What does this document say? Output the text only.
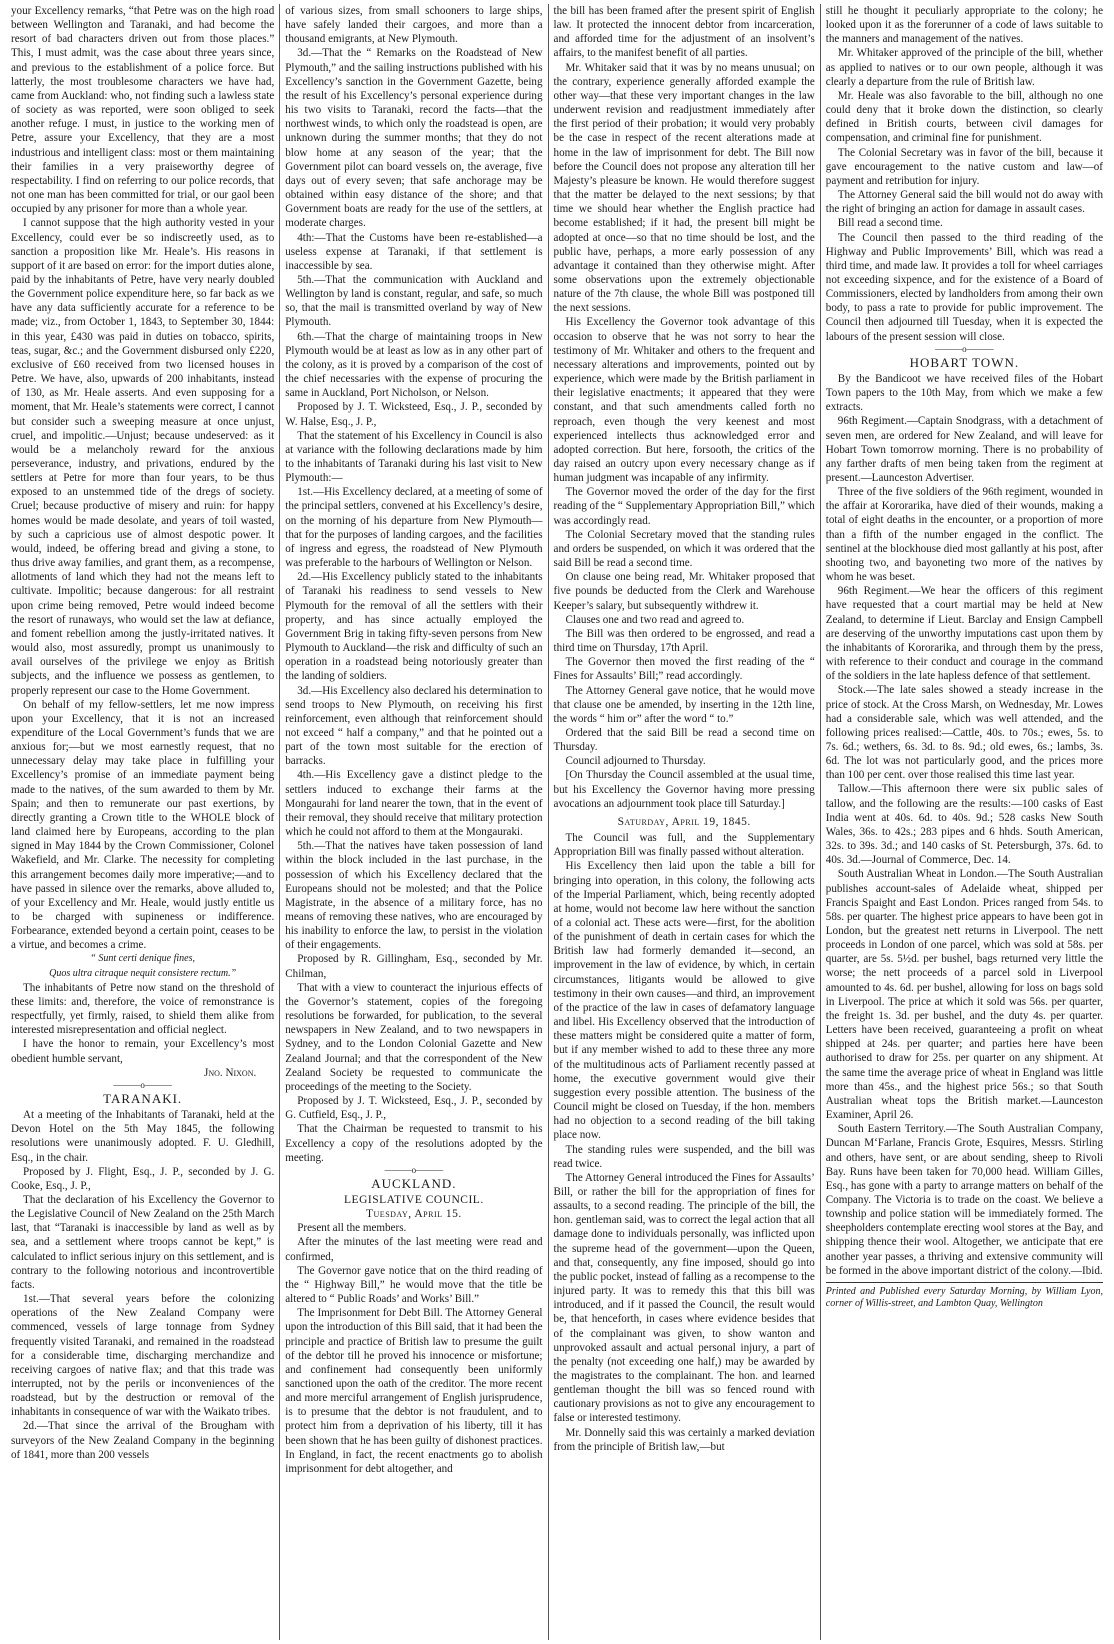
your Excellency remarks, “that Petre was on the high road between Wellington and Taranaki, and had become the resort of bad characters driven out from those places.” This, I must admit, was the case about three years since, and previous to the establishment of a police force. But latterly, the most troublesome characters we have had, came from Auckland: who, not finding such a lawless state of society as was reported, were soon obliged to seek another refuge. I must, in justice to the working men of Petre, assure your Excellency, that they are a most industrious and intelligent class: most or them maintaining their families in a very praiseworthy degree of respectability. I find on referring to our police records, that not one man has been committed for trial, or our gaol been occupied by any prisoner for more than a whole year.

I cannot suppose that the high authority vested in your Excellency, could ever be so indiscreetly used, as to sanction a proposition like Mr. Heale’s. His reasons in support of it are based on error: for the import duties alone, paid by the inhabitants of Petre, have very nearly doubled the Government police expenditure here, so far back as we have any data sufficiently accurate for a reference to be made; viz., from October 1, 1843, to September 30, 1844: in this year, £430 was paid in duties on tobacco, spirits, teas, sugar, &c.; and the Government disbursed only £220, exclusive of £60 received from two licensed houses in Petre. We have, also, upwards of 200 inhabitants, instead of 130, as Mr. Heale asserts. And even supposing for a moment, that Mr. Heale’s statements were correct, I cannot but consider such a sweeping measure at once unjust, cruel, and impolitic.—Unjust; because undeserved: as it would be a melancholy reward for the anxious perseverance, industry, and privations, endured by the settlers at Petre for more than four years, to be thus exposed to an unstemmed tide of the dregs of society. Cruel; because productive of misery and ruin: for happy homes would be made desolate, and years of toil wasted, by such a capricious use of almost despotic power. It would, indeed, be offering bread and giving a stone, to thus drive away families, and grant them, as a recompense, allotments of land which they had not the means left to cultivate. Impolitic; because dangerous: for all restraint upon crime being removed, Petre would indeed become the resort of runaways, who would set the law at defiance, and foment rebellion among the justly-irritated natives. It would also, most assuredly, prompt us unanimously to avail ourselves of the privilege we enjoy as British subjects, and the influence we possess as gentlemen, to properly represent our case to the Home Government.

On behalf of my fellow-settlers, let me now impress upon your Excellency, that it is not an increased expenditure of the Local Government’s funds that we are anxious for;—but we most earnestly request, that no unnecessary delay may take place in fulfilling your Excellency’s promise of an immediate payment being made to the natives, of the sum awarded to them by Mr. Spain; and then to remunerate our past exertions, by directly granting a Crown title to the WHOLE block of land claimed here by Europeans, according to the plan signed in May 1844 by the Crown Commissioner, Colonel Wakefield, and Mr. Clarke. The necessity for completing this arrangement becomes daily more imperative;—and to have passed in silence over the remarks, above alluded to, of your Excellency and Mr. Heale, would justly entitle us to be charged with supineness or indifference. Forbearance, extended beyond a certain point, ceases to be a virtue, and becomes a crime.

“ Sunt certi denique fines,
Quos ultra citraque nequit consistere rectum.”

The inhabitants of Petre now stand on the threshold of these limits: and, therefore, the voice of remonstrance is respectfully, yet firmly, raised, to shield them alike from interested misrepresentation and official neglect.

I have the honor to remain, your Excellency’s most obedient humble servant,

Jno. Nixon.
———o———
TARANAKI.

At a meeting of the Inhabitants of Taranaki, held at the Devon Hotel on the 5th May 1845, the following resolutions were unanimously adopted. F. U. Gledhill, Esq., in the chair.

Proposed by J. Flight, Esq., J. P., seconded by J. G. Cooke, Esq., J. P.,

That the declaration of his Excellency the Governor to the Legislative Council of New Zealand on the 25th March last, that “Taranaki is inaccessible by land as well as by sea, and a settlement where troops cannot be kept,” is calculated to inflict serious injury on this settlement, and is contrary to the following notorious and incontrovertible facts.

1st.—That several years before the colonizing operations of the New Zealand Company were commenced, vessels of large tonnage from Sydney frequently visited Taranaki, and remained in the roadstead for a considerable time, discharging merchandize and receiving cargoes of native flax; and that this trade was interrupted, not by the perils or inconveniences of the roadstead, but by the destruction or removal of the inhabitants in consequence of war with the Waikato tribes.

2d.—That since the arrival of the Brougham with surveyors of the New Zealand Company in the beginning of 1841, more than 200 vessels

of various sizes, from small schooners to large ships, have safely landed their cargoes, and more than a thousand emigrants, at New Plymouth.

3d.—That the “ Remarks on the Roadstead of New Plymouth,” and the sailing instructions published with his Excellency’s sanction in the Government Gazette, being the result of his Excellency’s personal experience during his two visits to Taranaki, record the facts—that the northwest winds, to which only the roadstead is open, are unknown during the summer months; that they do not blow home at any season of the year; that the Government pilot can board vessels on, the average, five days out of every seven; that safe anchorage may be obtained within easy distance of the shore; and that Government boats are ready for the use of the settlers, at moderate charges.

4th:—That the Customs have been re-established—a useless expense at Taranaki, if that settlement is inaccessible by sea.

5th.—That the communication with Auckland and Wellington by land is constant, regular, and safe, so much so, that the mail is transmitted overland by way of New Plymouth.

6th.—That the charge of maintaining troops in New Plymouth would be at least as low as in any other part of the colony, as it is proved by a comparison of the cost of the chief necessaries with the expense of procuring the same in Auckland, Port Nicholson, or Nelson.

Proposed by J. T. Wicksteed, Esq., J. P., seconded by W. Halse, Esq., J. P.,

That the statement of his Excellency in Council is also at variance with the following declarations made by him to the inhabitants of Taranaki during his last visit to New Plymouth:—

1st.—His Excellency declared, at a meeting of some of the principal settlers, convened at his Excellency’s desire, on the morning of his departure from New Plymouth—that for the purposes of landing cargoes, and the facilities of ingress and egress, the roadstead of New Plymouth was preferable to the harbours of Wellington or Nelson.

2d.—His Excellency publicly stated to the inhabitants of Taranaki his readiness to send vessels to New Plymouth for the removal of all the settlers with their property, and has since actually employed the Government Brig in taking fifty-seven persons from New Plymouth to Auckland—the risk and difficulty of such an operation in a roadstead being notoriously greater than the landing of soldiers.

3d.—His Excellency also declared his determination to send troops to New Plymouth, on receiving his first reinforcement, even although that reinforcement should not exceed “ half a company,” and that he pointed out a part of the town most suitable for the erection of barracks.

4th.—His Excellency gave a distinct pledge to the settlers induced to exchange their farms at the Mongaurahi for land nearer the town, that in the event of their removal, they should receive that military protection which he could not afford to them at the Mongauraki.

5th.—That the natives have taken possession of land within the block included in the last purchase, in the possession of which his Excellency declared that the Europeans should not be molested; and that the Police Magistrate, in the absence of a military force, has no means of removing these natives, who are encouraged by his inability to enforce the law, to persist in the violation of their engagements.

Proposed by R. Gillingham, Esq., seconded by Mr. Chilman,

That with a view to counteract the injurious effects of the Governor’s statement, copies of the foregoing resolutions be forwarded, for publication, to the several newspapers in New Zealand, and to two newspapers in Sydney, and to the London Colonial Gazette and New Zealand Journal; and that the correspondent of the New Zealand Society be requested to communicate the proceedings of the meeting to the Society.

Proposed by J. T. Wicksteed, Esq., J. P., seconded by G. Cutfield, Esq., J. P.,

That the Chairman be requested to transmit to his Excellency a copy of the resolutions adopted by the meeting.

———o———
AUCKLAND.
LEGISLATIVE COUNCIL.
Tuesday, April 15.

Present all the members.

After the minutes of the last meeting were read and confirmed,

The Governor gave notice that on the third reading of the “ Highway Bill,” he would move that the title be altered to “ Public Roads’ and Works’ Bill.”

The Imprisonment for Debt Bill. The Attorney General upon the introduction of this Bill said, that it had been the principle and practice of British law to presume the guilt of the debtor till he proved his innocence or misfortune; and confinement had consequently been uniformly sanctioned upon the oath of the creditor. The more recent and more merciful arrangement of English jurisprudence, is to presume that the debtor is not fraudulent, and to protect him from a deprivation of his liberty, till it has been shown that he has been guilty of dishonest practices. In England, in fact, the recent enactments go to abolish imprisonment for debt altogether, and

the bill has been framed after the present spirit of English law. It protected the innocent debtor from incarceration, and afforded time for the adjustment of an insolvent’s affairs, to the manifest benefit of all parties.

Mr. Whitaker said that it was by no means unusual; on the contrary, experience generally afforded example the other way—that these very important changes in the law underwent revision and readjustment immediately after the first period of their probation; it would very probably be the case in respect of the recent alterations made at home in the law of imprisonment for debt. The Bill now before the Council does not propose any alteration till her Majesty’s pleasure be known. He would therefore suggest that the matter be delayed to the next sessions; by that time we should hear whether the English practice had become established; if it had, the present bill might be adopted at once—so that no time should be lost, and the public have, perhaps, a more early possession of any advantage it contained than they otherwise might. After some observations upon the extremely objectionable nature of the 7th clause, the whole Bill was postponed till the next sessions.

His Excellency the Governor took advantage of this occasion to observe that he was not sorry to hear the testimony of Mr. Whitaker and others to the frequent and necessary alterations and improvements, pointed out by experience, which were made by the British parliament in their legislative enactments; it appeared that they were constant, and that such amendments called forth no reproach, even though the very keenest and most experienced intellects thus acknowledged error and adopted correction. But here, forsooth, the critics of the day raised an outcry upon every necessary change as if human judgment was incapable of any infirmity.

The Governor moved the order of the day for the first reading of the “ Supplementary Appropriation Bill,” which was accordingly read.

The Colonial Secretary moved that the standing rules and orders be suspended, on which it was ordered that the said Bill be read a second time.

On clause one being read, Mr. Whitaker proposed that five pounds be deducted from the Clerk and Warehouse Keeper’s salary, but subsequently withdrew it.

Clauses one and two read and agreed to.

The Bill was then ordered to be engrossed, and read a third time on Thursday, 17th April.

The Governor then moved the first reading of the “ Fines for Assaults’ Bill;” read accordingly.

The Attorney General gave notice, that he would move that clause one be amended, by inserting in the 12th line, the words “ him or” after the word “ to.”

Ordered that the said Bill be read a second time on Thursday.

Council adjourned to Thursday.

[On Thursday the Council assembled at the usual time, but his Excellency the Governor having more pressing avocations an adjournment took place till Saturday.]

Saturday, April 19, 1845.

The Council was full, and the Supplementary Appropriation Bill was finally passed without alteration.

His Excellency then laid upon the table a bill for bringing into operation, in this colony, the following acts of the Imperial Parliament, which, being recently adopted at home, would not become law here without the sanction of a colonial act. These acts were—first, for the abolition of the punishment of death in certain cases for which the British law had formerly demanded it—second, an improvement in the law of evidence, by which, in certain circumstances, litigants would be allowed to give testimony in their own causes—and third, an improvement of the practice of the law in cases of defamatory language and libel. His Excellency observed that the introduction of these matters might be considered quite a matter of form, but if any member wished to add to these three any more of the multitudinous acts of Parliament recently passed at home, the executive government would give their suggestion every possible attention. The business of the Council might be closed on Tuesday, if the hon. members had no objection to a second reading of the bill taking place now.

The standing rules were suspended, and the bill was read twice.

The Attorney General introduced the Fines for Assaults’ Bill, or rather the bill for the appropriation of fines for assaults, to a second reading. The principle of the bill, the hon. gentleman said, was to correct the legal action that all damage done to individuals personally, was inflicted upon the supreme head of the government—upon the Queen, and that, consequently, any fine imposed, should go into the public pocket, instead of falling as a recompense to the injured party. It was to remedy this that this bill was introduced, and if it passed the Council, the result would be, that henceforth, in cases where evidence besides that of the complainant was given, to show wanton and unprovoked assault and actual personal injury, a part of the penalty (not exceeding one half,) may be awarded by the magistrates to the complainant. The hon. and learned gentleman thought the bill was so fenced round with cautionary provisions as not to give any encouragement to false or interested testimony.

Mr. Donnelly said this was certainly a marked deviation from the principle of British law,—but

still he thought it peculiarly appropriate to the colony; he looked upon it as the forerunner of a code of laws suitable to the manners and management of the natives.

Mr. Whitaker approved of the principle of the bill, whether as applied to natives or to our own people, although it was clearly a departure from the rule of British law.

Mr. Heale was also favorable to the bill, although no one could deny that it broke down the distinction, so clearly defined in British courts, between civil damages for compensation, and criminal fine for punishment.

The Colonial Secretary was in favor of the bill, because it gave encouragement to the native custom and law—of payment and retribution for injury.

The Attorney General said the bill would not do away with the right of bringing an action for damage in assault cases.

Bill read a second time.

The Council then passed to the third reading of the Highway and Public Improvements’ Bill, which was read a third time, and made law. It provides a toll for wheel carriages not exceeding sixpence, and for the existence of a Board of Commissioners, elected by landholders from among their own body, to pass a rate to provide for public improvement. The Council then adjourned till Tuesday, when it is expected the labours of the present session will close.

———o———
HOBART TOWN.

By the Bandicoot we have received files of the Hobart Town papers to the 10th May, from which we make a few extracts.

96th Regiment.—Captain Snodgrass, with a detachment of seven men, are ordered for New Zealand, and will leave for Hobart Town tomorrow morning. There is no probability of any farther drafts of men being taken from the regiment at present.—Launceston Advertiser.

Three of the five soldiers of the 96th regiment, wounded in the affair at Kororarika, have died of their wounds, making a total of eight deaths in the encounter, or a proportion of more than a fifth of the number engaged in the conflict. The sentinel at the blockhouse died most gallantly at his post, after shooting two, and bayoneting two more of the natives by whom he was beset.

96th Regiment.—We hear the officers of this regiment have requested that a court martial may be held at New Zealand, to determine if Lieut. Barclay and Ensign Campbell are deserving of the unworthy imputations cast upon them by the inhabitants of Kororarika, and through them by the press, with reference to their conduct and courage in the command of the soldiers in the late hapless defence of that settlement.

Stock.—The late sales showed a steady increase in the price of stock. At the Cross Marsh, on Wednesday, Mr. Lowes had a considerable sale, which was well attended, and the following prices realised:—Cattle, 40s. to 70s.; ewes, 5s. to 7s. 6d.; wethers, 6s. 3d. to 8s. 9d.; old ewes, 6s.; lambs, 3s. 6d. The lot was not particularly good, and the prices more than 100 per cent. over those realised this time last year.

Tallow.—This afternoon there were six public sales of tallow, and the following are the results:—100 casks of East India went at 40s. 6d. to 40s. 9d.; 528 casks New South Wales, 36s. to 42s.; 283 pipes and 6 hhds. South American, 32s. to 39s. 3d.; and 140 casks of St. Petersburgh, 37s. 6d. to 40s. 3d.—Journal of Commerce, Dec. 14.

South Australian Wheat in London.—The South Australian publishes account-sales of Adelaide wheat, shipped per Francis Spaight and East London. Prices ranged from 54s. to 58s. per quarter. The highest price appears to have been got in London, but the greatest nett returns in Liverpool. The nett proceeds in London of one parcel, which was sold at 58s. per quarter, are 5s. 5½d. per bushel, bags returned very little the worse; the nett proceeds of a parcel sold in Liverpool amounted to 4s. 6d. per bushel, allowing for loss on bags sold in Liverpool. The price at which it sold was 56s. per quarter, the freight 1s. 3d. per bushel, and the duty 4s. per quarter. Letters have been received, guaranteeing a profit on wheat shipped at 24s. per quarter; and parties here have been authorised to draw for 25s. per quarter on any shipment. At the same time the average price of wheat in England was little more than 45s., and the highest price 56s.; so that South Australian wheat tops the British market.—Launceston Examiner, April 26.

South Eastern Territory.—The South Australian Company, Duncan M‘Farlane, Francis Grote, Esquires, Messrs. Stirling and others, have sent, or are about sending, sheep to Rivoli Bay. Runs have been taken for 70,000 head. William Gilles, Esq., has gone with a party to arrange matters on behalf of the Company. The Victoria is to trade on the coast. We believe a township and police station will be immediately formed. The sheepholders contemplate erecting wool stores at the Bay, and shipping thence their wool. Altogether, we anticipate that ere another year passes, a thriving and extensive community will be formed in the above important district of the colony.—Ibid.

Printed and Published every Saturday Morning, by William Lyon, corner of Willis-street, and Lambton Quay, Wellington
